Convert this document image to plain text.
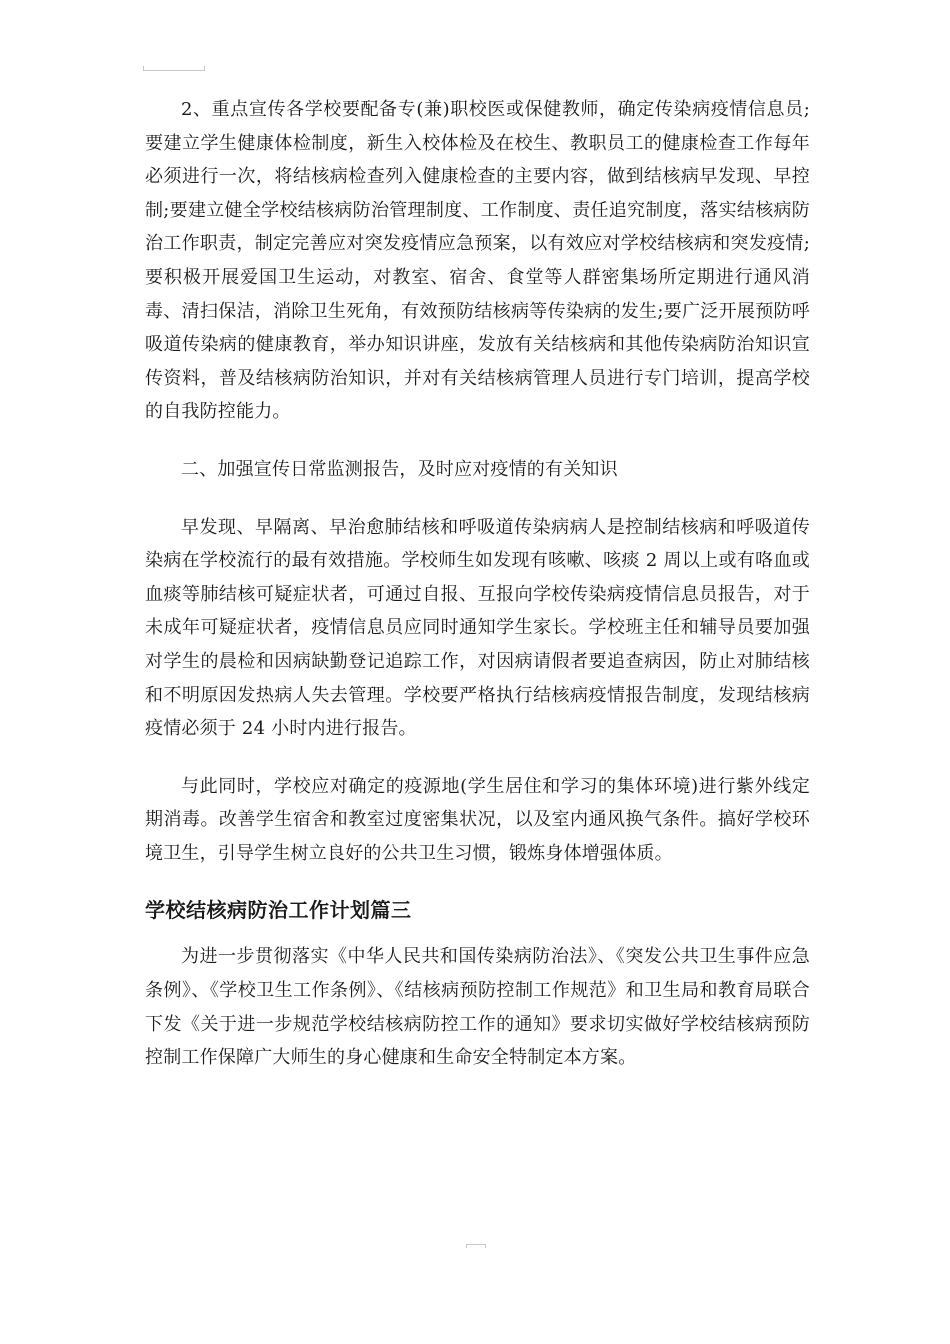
2、重点宣传各学校要配备专(兼)职校医或保健教师，确定传染病疫情信息员;要建立学生健康体检制度，新生入校体检及在校生、教职员工的健康检查工作每年必须进行一次，将结核病检查列入健康检查的主要内容，做到结核病早发现、早控制;要建立健全学校结核病防治管理制度、工作制度、责任追究制度，落实结核病防治工作职责，制定完善应对突发疫情应急预案，以有效应对学校结核病和突发疫情;要积极开展爱国卫生运动，对教室、宿舍、食堂等人群密集场所定期进行通风消毒、清扫保洁，消除卫生死角，有效预防结核病等传染病的发生;要广泛开展预防呼吸道传染病的健康教育，举办知识讲座，发放有关结核病和其他传染病防治知识宣传资料，普及结核病防治知识，并对有关结核病管理人员进行专门培训，提高学校的自我防控能力。

二、加强宣传日常监测报告，及时应对疫情的有关知识

早发现、早隔离、早治愈肺结核和呼吸道传染病病人是控制结核病和呼吸道传染病在学校流行的最有效措施。学校师生如发现有咳嗽、咳痰 2 周以上或有咯血或血痰等肺结核可疑症状者，可通过自报、互报向学校传染病疫情信息员报告，对于未成年可疑症状者，疫情信息员应同时通知学生家长。学校班主任和辅导员要加强对学生的晨检和因病缺勤登记追踪工作，对因病请假者要追查病因，防止对肺结核和不明原因发热病人失去管理。学校要严格执行结核病疫情报告制度，发现结核病疫情必须于 24 小时内进行报告。

与此同时，学校应对确定的疫源地(学生居住和学习的集体环境)进行紫外线定期消毒。改善学生宿舍和教室过度密集状况，以及室内通风换气条件。搞好学校环境卫生，引导学生树立良好的公共卫生习惯，锻炼身体增强体质。

学校结核病防治工作计划篇三

为进一步贯彻落实《中华人民共和国传染病防治法》、《突发公共卫生事件应急条例》、《学校卫生工作条例》、《结核病预防控制工作规范》和卫生局和教育局联合下发《关于进一步规范学校结核病防控工作的通知》要求切实做好学校结核病预防控制工作保障广大师生的身心健康和生命安全特制定本方案。
